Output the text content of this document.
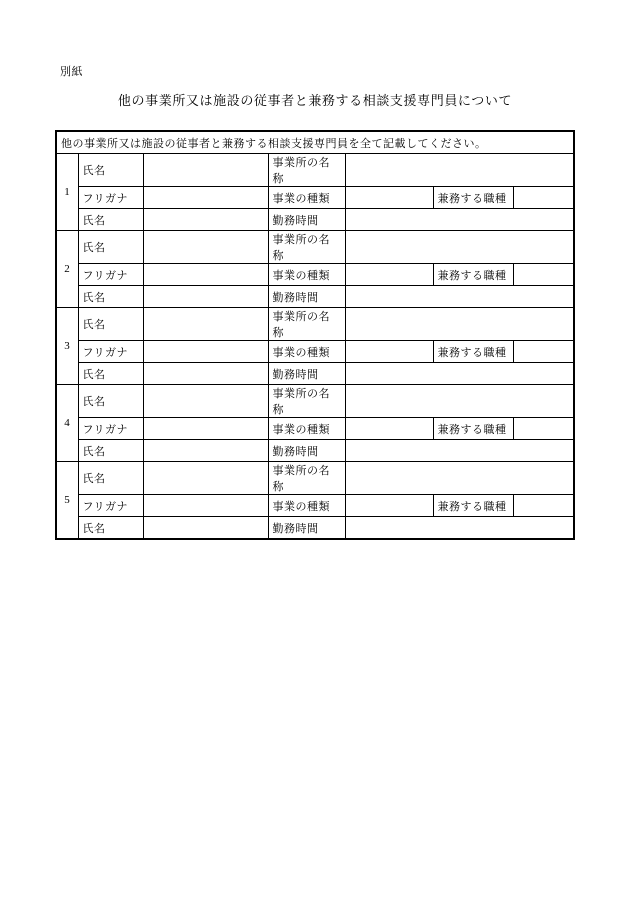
別紙
他の事業所又は施設の従事者と兼務する相談支援専門員について
他の事業所又は施設の従事者と兼務する相談支援専門員を全て記載してください。						
1	氏名		事業所の名称			
	フリガナ		事業の種類		兼務する職種	
	氏名		勤務時間			
2	氏名		事業所の名称			
	フリガナ		事業の種類		兼務する職種	
	氏名		勤務時間			
3	氏名		事業所の名称			
	フリガナ		事業の種類		兼務する職種	
	氏名		勤務時間			
4	氏名		事業所の名称			
	フリガナ		事業の種類		兼務する職種	
	氏名		勤務時間			
5	氏名		事業所の名称			
	フリガナ		事業の種類		兼務する職種	
	氏名		勤務時間			
